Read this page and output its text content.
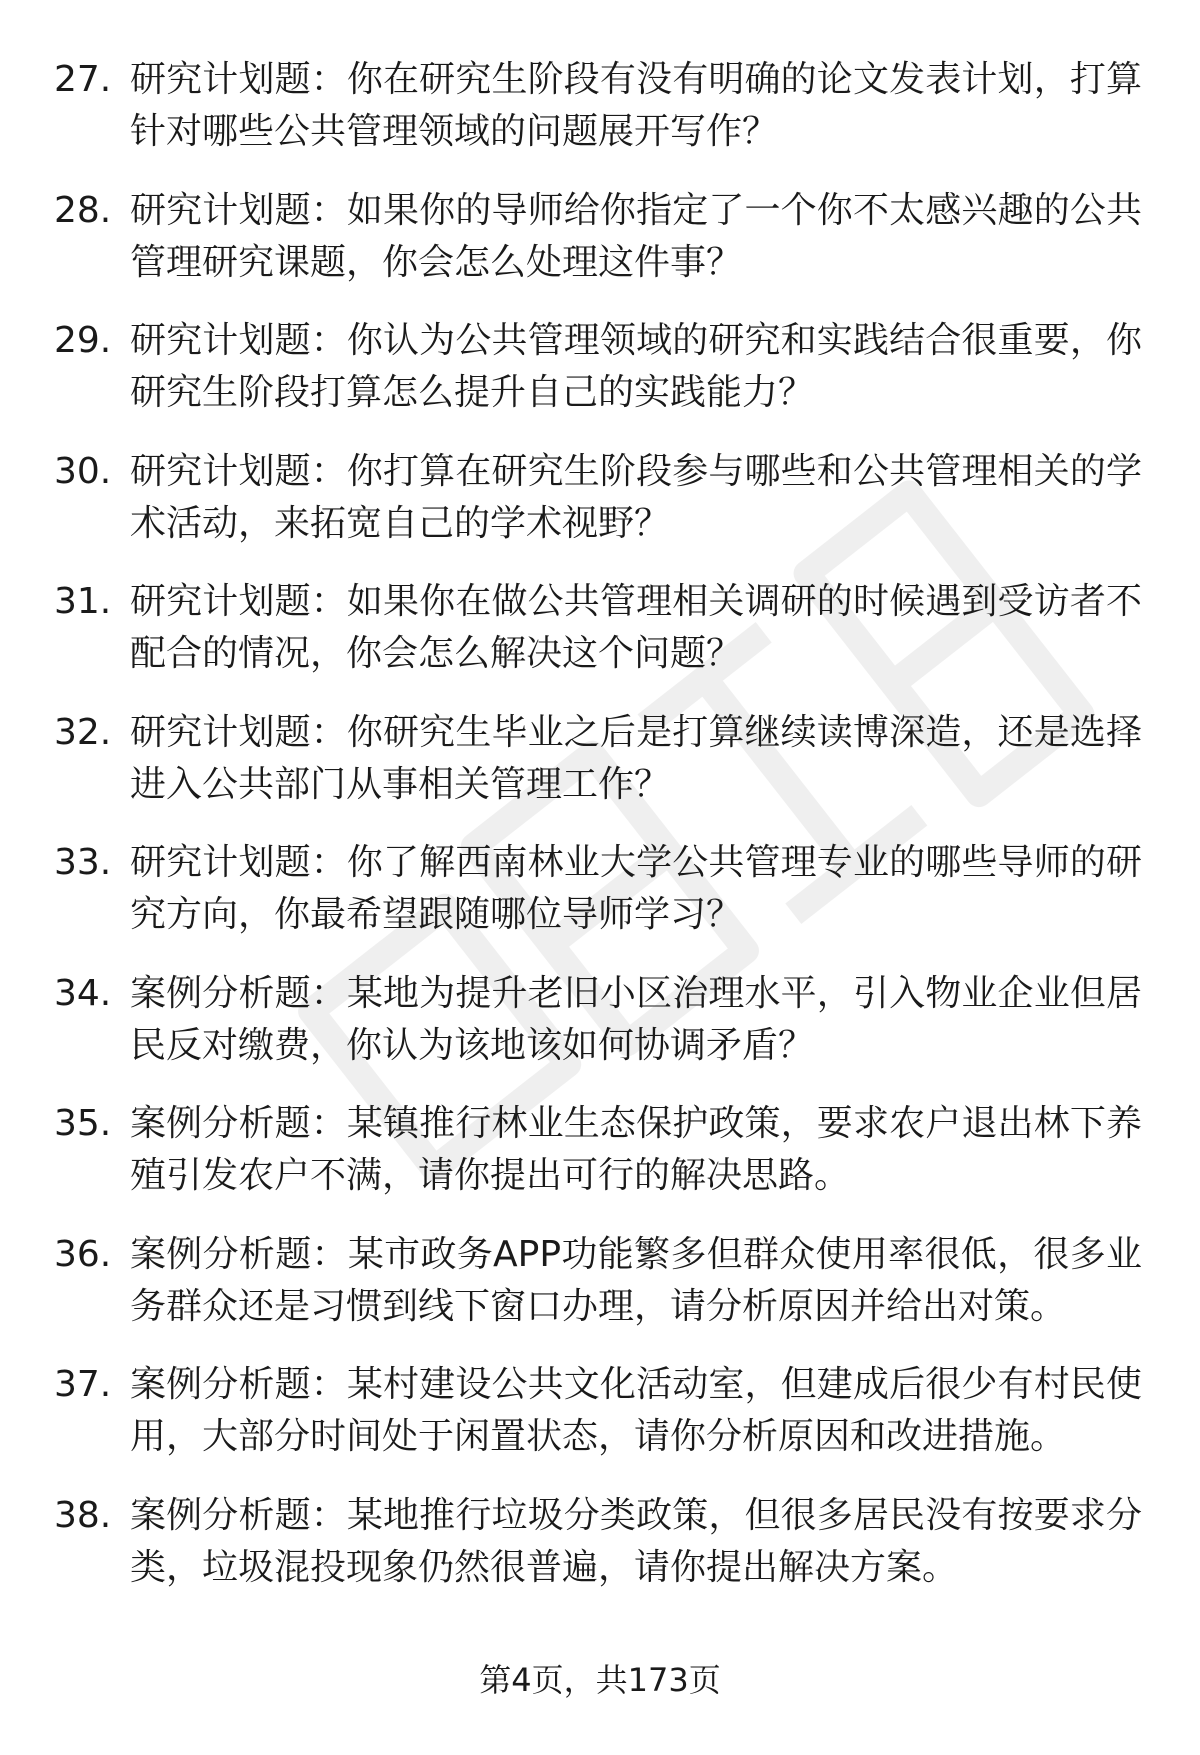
27. 研究计划题：你在研究生阶段有没有明确的论文发表计划，打算针对哪些公共管理领域的问题展开写作？
28. 研究计划题：如果你的导师给你指定了一个你不太感兴趣的公共管理研究课题，你会怎么处理这件事？
29. 研究计划题：你认为公共管理领域的研究和实践结合很重要，你研究生阶段打算怎么提升自己的实践能力？
30. 研究计划题：你打算在研究生阶段参与哪些和公共管理相关的学术活动，来拓宽自己的学术视野？
31. 研究计划题：如果你在做公共管理相关调研的时候遇到受访者不配合的情况，你会怎么解决这个问题？
32. 研究计划题：你研究生毕业之后是打算继续读博深造，还是选择进入公共部门从事相关管理工作？
33. 研究计划题：你了解西南林业大学公共管理专业的哪些导师的研究方向，你最希望跟随哪位导师学习？
34. 案例分析题：某地为提升老旧小区治理水平，引入物业企业但居民反对缴费，你认为该地该如何协调矛盾？
35. 案例分析题：某镇推行林业生态保护政策，要求农户退出林下养殖引发农户不满，请你提出可行的解决思路。
36. 案例分析题：某市政务APP功能繁多但群众使用率很低，很多业务群众还是习惯到线下窗口办理，请分析原因并给出对策。
37. 案例分析题：某村建设公共文化活动室，但建成后很少有村民使用，大部分时间处于闲置状态，请你分析原因和改进措施。
38. 案例分析题：某地推行垃圾分类政策，但很多居民没有按要求分类，垃圾混投现象仍然很普遍，请你提出解决方案。
第4页，共173页
